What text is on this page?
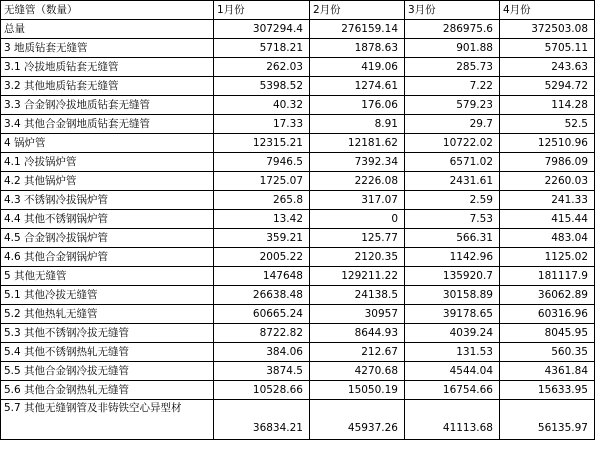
无缝管（数量）	1月份	2月份	3月份	4月份
总量	307294.4	276159.14	286975.6	372503.08
3 地质钻套无缝管	5718.21	1878.63	901.88	5705.11
3.1 冷拔地质钻套无缝管	262.03	419.06	285.73	243.63
3.2 其他地质钻套无缝管	5398.52	1274.61	7.22	5294.72
3.3 合金钢冷拔地质钻套无缝管	40.32	176.06	579.23	114.28
3.4 其他合金钢地质钻套无缝管	17.33	8.91	29.7	52.5
4 锅炉管	12315.21	12181.62	10722.02	12510.96
4.1 冷拔锅炉管	7946.5	7392.34	6571.02	7986.09
4.2 其他锅炉管	1725.07	2226.08	2431.61	2260.03
4.3 不锈钢冷拔锅炉管	265.8	317.07	2.59	241.33
4.4 其他不锈钢锅炉管	13.42	0	7.53	415.44
4.5 合金钢冷拔锅炉管	359.21	125.77	566.31	483.04
4.6 其他合金钢锅炉管	2005.22	2120.35	1142.96	1125.02
5 其他无缝管	147648	129211.22	135920.7	181117.9
5.1 其他冷拔无缝管	26638.48	24138.5	30158.89	36062.89
5.2 其他热轧无缝管	60665.24	30957	39178.65	60316.96
5.3 其他不锈钢冷拔无缝管	8722.82	8644.93	4039.24	8045.95
5.4 其他不锈钢热轧无缝管	384.06	212.67	131.53	560.35
5.5 其他合金钢冷拔无缝管	3874.5	4270.68	4544.04	4361.84
5.6 其他合金钢热轧无缝管	10528.66	15050.19	16754.66	15633.95
5.7 其他无缝钢管及非铸铁空心异型材	36834.21	45937.26	41113.68	56135.97
